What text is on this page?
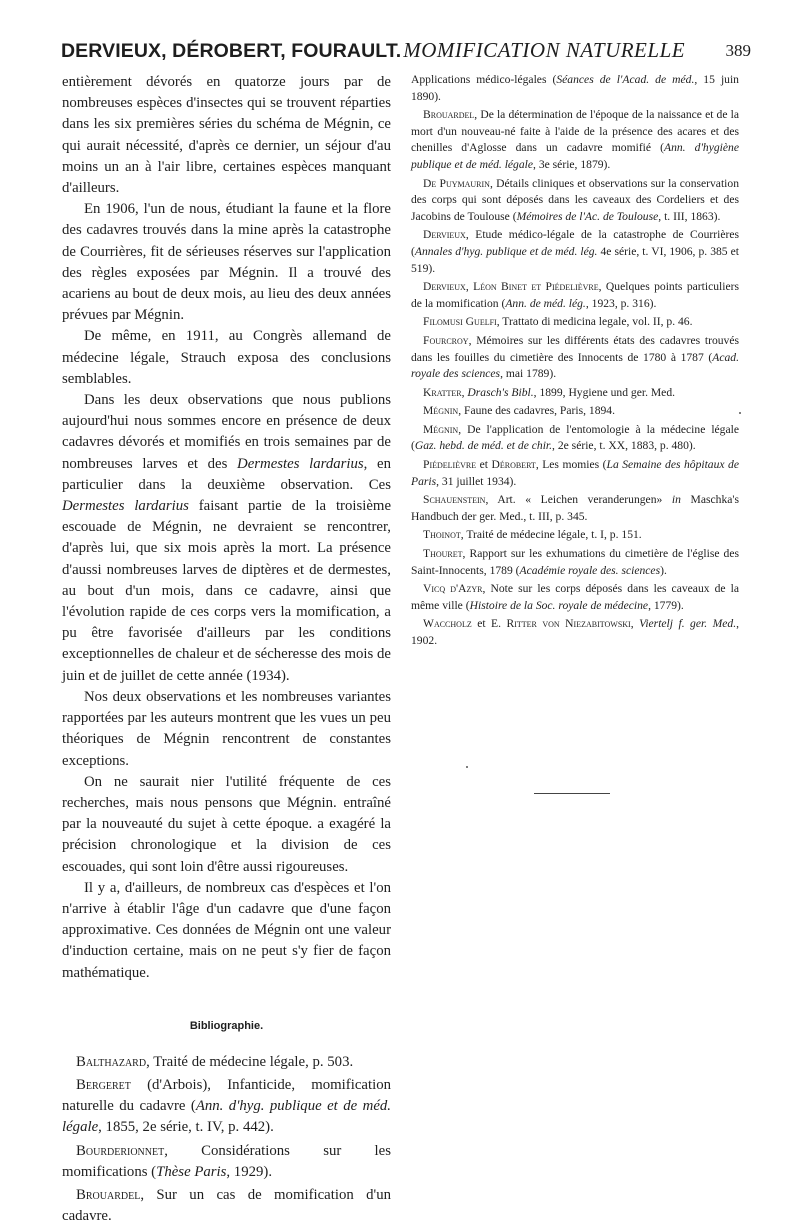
DERVIEUX, DÉROBERT, FOURAULT.MOMIFICATION NATURELLE 389

entièrement dévorés en quatorze jours par de nombreuses espèces d'insectes qui se trouvent réparties dans les six premières séries du schéma de Mégnin, ce qui aurait nécessité, d'après ce dernier, un séjour d'au moins un an à l'air libre, certaines espèces manquant d'ailleurs.

En 1906, l'un de nous, étudiant la faune et la flore des cadavres trouvés dans la mine après la catastrophe de Courrières, fit de sérieuses réserves sur l'application des règles exposées par Mégnin. Il a trouvé des acariens au bout de deux mois, au lieu des deux années prévues par Mégnin.

De même, en 1911, au Congrès allemand de médecine légale, Strauch exposa des conclusions semblables.

Dans les deux observations que nous publions aujourd'hui nous sommes encore en présence de deux cadavres dévorés et momifiés en trois semaines par de nombreuses larves et des Dermestes lardarius, en particulier dans la deuxième observation. Ces Dermestes lardarius faisant partie de la troisième escouade de Mégnin, ne devraient se rencontrer, d'après lui, que six mois après la mort. La présence d'aussi nombreuses larves de diptères et de dermestes, au bout d'un mois, dans ce cadavre, ainsi que l'évolution rapide de ces corps vers la momification, a pu être favorisée d'ailleurs par les conditions exceptionnelles de chaleur et de sécheresse des mois de juin et de juillet de cette année (1934).

Nos deux observations et les nombreuses variantes rapportées par les auteurs montrent que les vues un peu théoriques de Mégnin rencontrent de constantes exceptions.

On ne saurait nier l'utilité fréquente de ces recherches, mais nous pensons que Mégnin. entraîné par la nouveauté du sujet à cette époque. a exagéré la précision chronologique et la division de ces escouades, qui sont loin d'être aussi rigoureuses.

Il y a, d'ailleurs, de nombreux cas d'espèces et l'on n'arrive à établir l'âge d'un cadavre que d'une façon approximative. Ces données de Mégnin ont une valeur d'induction certaine, mais on ne peut s'y fier de façon mathématique.

Bibliographie.

Balthazard, Traité de médecine légale, p. 503.

Bergeret (d'Arbois), Infanticide, momification naturelle du cadavre (Ann. d'hyg. publique et de méd. légale, 1855, 2e série, t. IV, p. 442).

Bourderionnet, Considérations sur les momifications (Thèse Paris, 1929).

Brouardel, Sur un cas de momification d'un cadavre.

Applications médico-légales (Séances de l'Acad. de méd., 15 juin 1890).

Brouardel, De la détermination de l'époque de la naissance et de la mort d'un nouveau-né faite à l'aide de la présence des acares et des chenilles d'Aglosse dans un cadavre momifié (Ann. d'hygiène publique et de méd. légale, 3e série, 1879).

De Puymaurin, Détails cliniques et observations sur la conservation des corps qui sont déposés dans les caveaux des Cordeliers et des Jacobins de Toulouse (Mémoires de l'Ac. de Toulouse, t. III, 1863).

Dervieux, Etude médico-légale de la catastrophe de Courrières (Annales d'hyg. publique et de méd. lég. 4e série, t. VI, 1906, p. 385 et 519).

Dervieux, Léon Binet et Piédelièvre, Quelques points particuliers de la momification (Ann. de méd. lég., 1923, p. 316).

Filomusi Guelfi, Trattato di medicina legale, vol. II, p. 46.

Fourcroy, Mémoires sur les différents états des cadavres trouvés dans les fouilles du cimetière des Innocents de 1780 à 1787 (Acad. royale des sciences, mai 1789).

Kratter, Drasch's Bibl., 1899, Hygiene und ger. Med.

Mégnin, Faune des cadavres, Paris, 1894.

Mégnin, De l'application de l'entomologie à la médecine légale (Gaz. hebd. de méd. et de chir., 2e série, t. XX, 1883, p. 480).

Piédelièvre et Dérobert, Les momies (La Semaine des hôpitaux de Paris, 31 juillet 1934).

Schauenstein, Art. « Leichen veranderungen» in Maschka's Handbuch der ger. Med., t. III, p. 345.

Thoinot, Traité de médecine légale, t. I, p. 151.

Thouret, Rapport sur les exhumations du cimetière de l'église des Saint-Innocents, 1789 (Académie royale des. sciences).

Vicq d'Azyr, Note sur les corps déposés dans les caveaux de la même ville (Histoire de la Soc. royale de médecine, 1779).

Waccholz et E. Ritter von Niezabitowski, Viertelj f. ger. Med., 1902.
